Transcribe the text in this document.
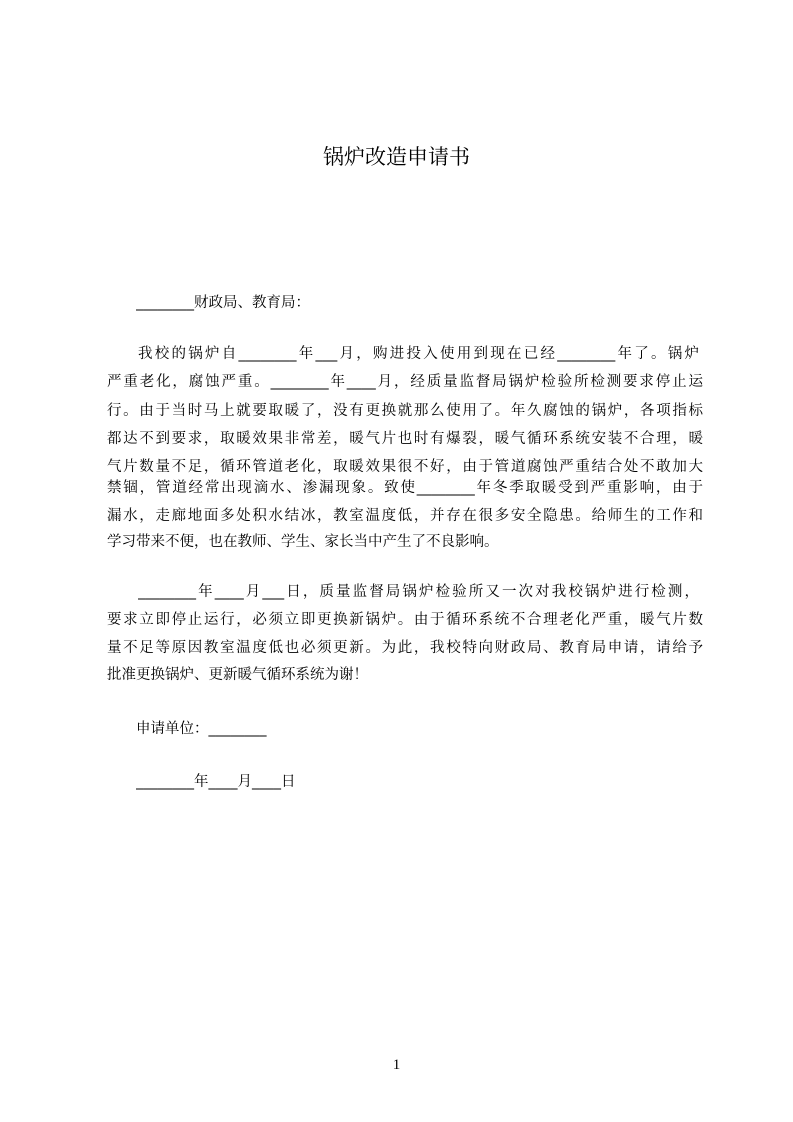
锅炉改造申请书
________财政局、教育局：
我校的锅炉自________年___月，购进投入使用到现在已经________年了。锅炉
严重老化，腐蚀严重。________年____月，经质量监督局锅炉检验所检测要求停止运
行。由于当时马上就要取暖了，没有更换就那么使用了。年久腐蚀的锅炉，各项指标
都达不到要求，取暖效果非常差，暖气片也时有爆裂，暖气循环系统安装不合理，暖
气片数量不足，循环管道老化，取暖效果很不好，由于管道腐蚀严重结合处不敢加大
禁锢，管道经常出现滴水、渗漏现象。致使________年冬季取暖受到严重影响，由于
漏水，走廊地面多处积水结冰，教室温度低，并存在很多安全隐患。给师生的工作和
学习带来不便，也在教师、学生、家长当中产生了不良影响。
________年____月___日，质量监督局锅炉检验所又一次对我校锅炉进行检测，
要求立即停止运行，必须立即更换新锅炉。由于循环系统不合理老化严重，暖气片数
量不足等原因教室温度低也必须更新。为此，我校特向财政局、教育局申请，请给予
批准更换锅炉、更新暖气循环系统为谢！
申请单位：________
________年____月____日
1
